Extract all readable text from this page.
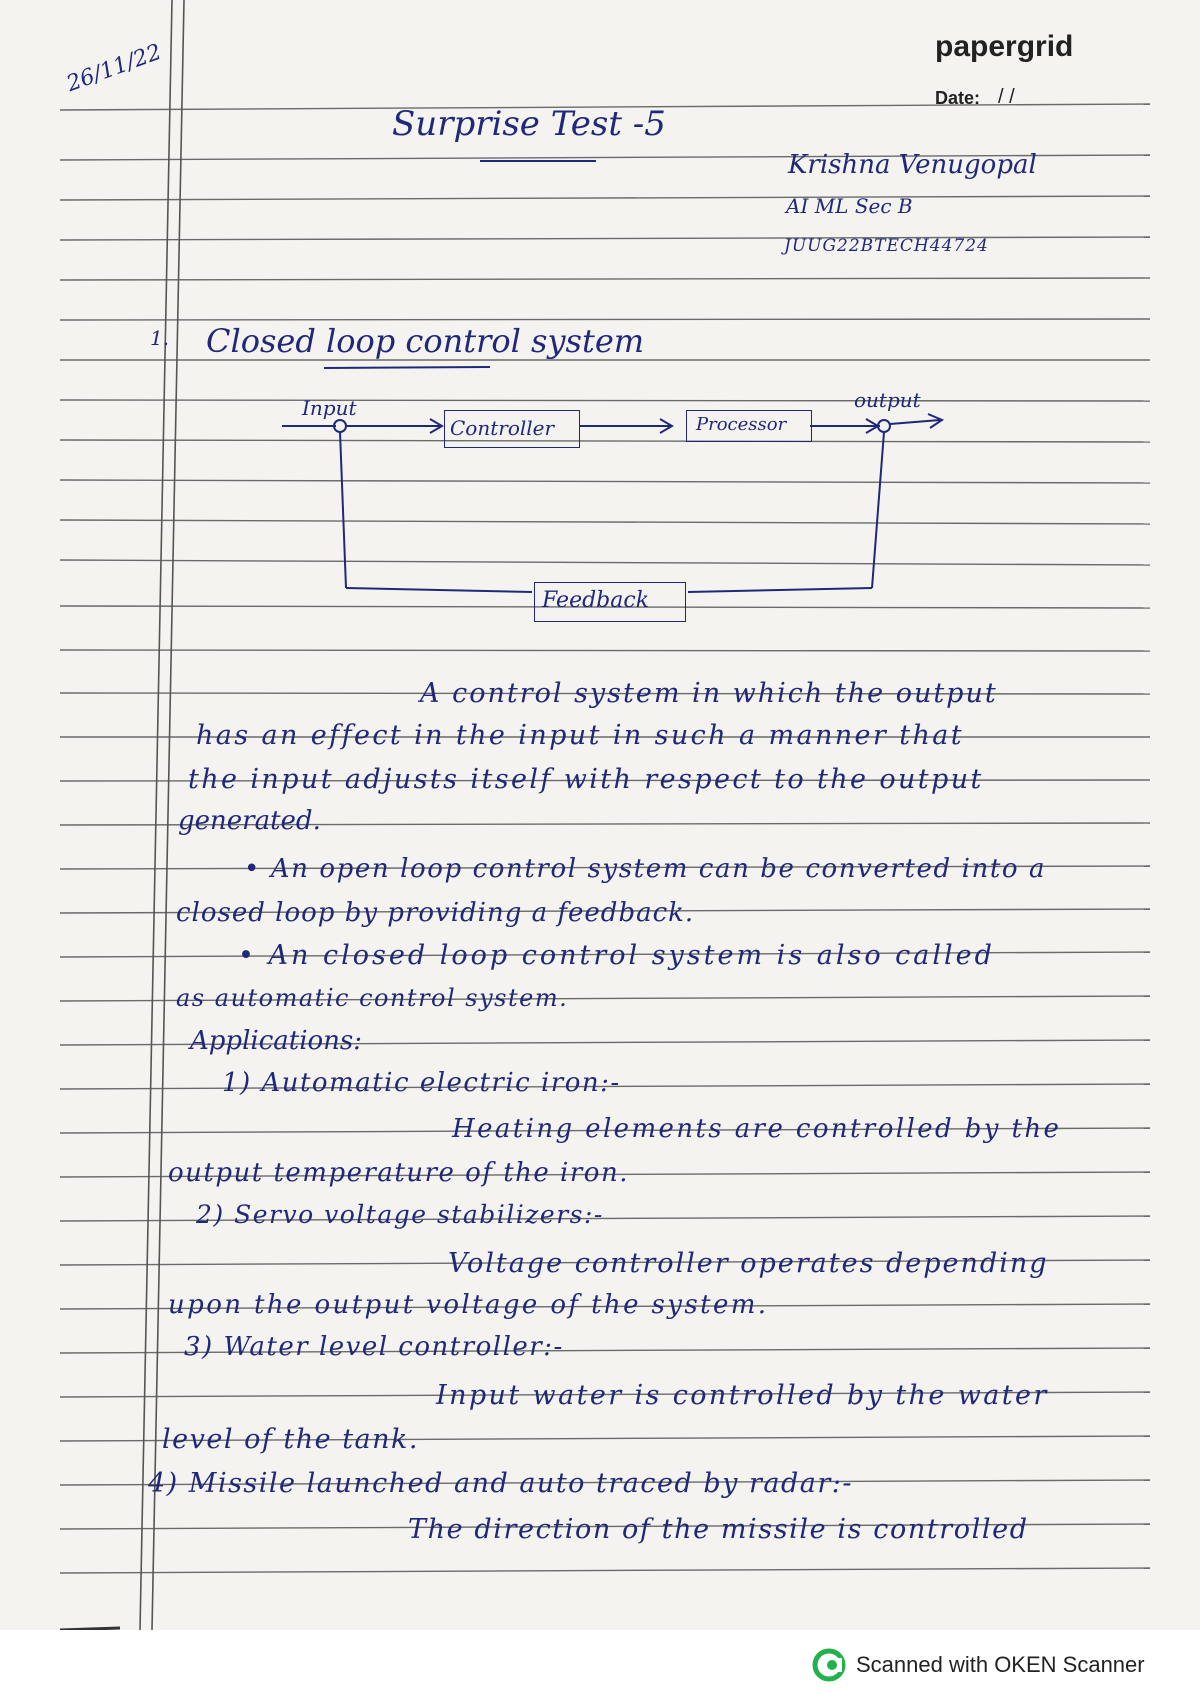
papergrid
Date: / /
26/11/22
Surprise Test -5
Krishna Venugopal
AI ML Sec B
JUUG22BTECH44724
1. Closed loop control system
Input	output
Controller	Processor
Feedback
A control system in which the output
has an effect in the input in such a manner that
the input adjusts itself with respect to the output
generated.
• An open loop control system can be converted into a
closed loop by providing a feedback.
• An closed loop control system is also called
as automatic control system.
Applications:
1) Automatic electric iron:-
Heating elements are controlled by the
output temperature of the iron.
2) Servo voltage stabilizers:-
Voltage controller operates depending
upon the output voltage of the system.
3) Water level controller:-
Input water is controlled by the water
level of the tank.
4) Missile launched and auto traced by radar:-
The direction of the missile is controlled
Scanned with OKEN Scanner
